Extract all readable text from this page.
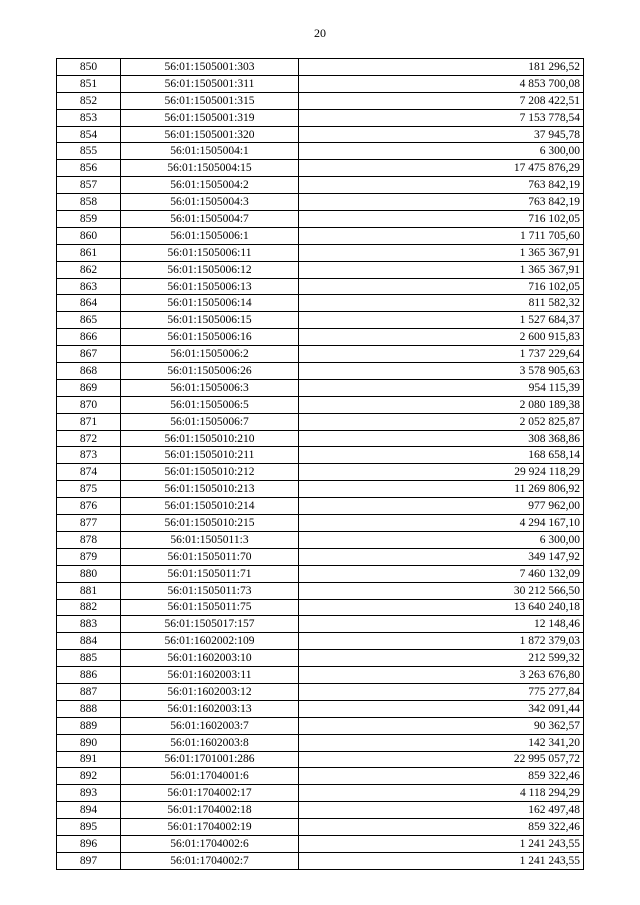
20
850	56:01:1505001:303	181 296,52
851	56:01:1505001:311	4 853 700,08
852	56:01:1505001:315	7 208 422,51
853	56:01:1505001:319	7 153 778,54
854	56:01:1505001:320	37 945,78
855	56:01:1505004:1	6 300,00
856	56:01:1505004:15	17 475 876,29
857	56:01:1505004:2	763 842,19
858	56:01:1505004:3	763 842,19
859	56:01:1505004:7	716 102,05
860	56:01:1505006:1	1 711 705,60
861	56:01:1505006:11	1 365 367,91
862	56:01:1505006:12	1 365 367,91
863	56:01:1505006:13	716 102,05
864	56:01:1505006:14	811 582,32
865	56:01:1505006:15	1 527 684,37
866	56:01:1505006:16	2 600 915,83
867	56:01:1505006:2	1 737 229,64
868	56:01:1505006:26	3 578 905,63
869	56:01:1505006:3	954 115,39
870	56:01:1505006:5	2 080 189,38
871	56:01:1505006:7	2 052 825,87
872	56:01:1505010:210	308 368,86
873	56:01:1505010:211	168 658,14
874	56:01:1505010:212	29 924 118,29
875	56:01:1505010:213	11 269 806,92
876	56:01:1505010:214	977 962,00
877	56:01:1505010:215	4 294 167,10
878	56:01:1505011:3	6 300,00
879	56:01:1505011:70	349 147,92
880	56:01:1505011:71	7 460 132,09
881	56:01:1505011:73	30 212 566,50
882	56:01:1505011:75	13 640 240,18
883	56:01:1505017:157	12 148,46
884	56:01:1602002:109	1 872 379,03
885	56:01:1602003:10	212 599,32
886	56:01:1602003:11	3 263 676,80
887	56:01:1602003:12	775 277,84
888	56:01:1602003:13	342 091,44
889	56:01:1602003:7	90 362,57
890	56:01:1602003:8	142 341,20
891	56:01:1701001:286	22 995 057,72
892	56:01:1704001:6	859 322,46
893	56:01:1704002:17	4 118 294,29
894	56:01:1704002:18	162 497,48
895	56:01:1704002:19	859 322,46
896	56:01:1704002:6	1 241 243,55
897	56:01:1704002:7	1 241 243,55
